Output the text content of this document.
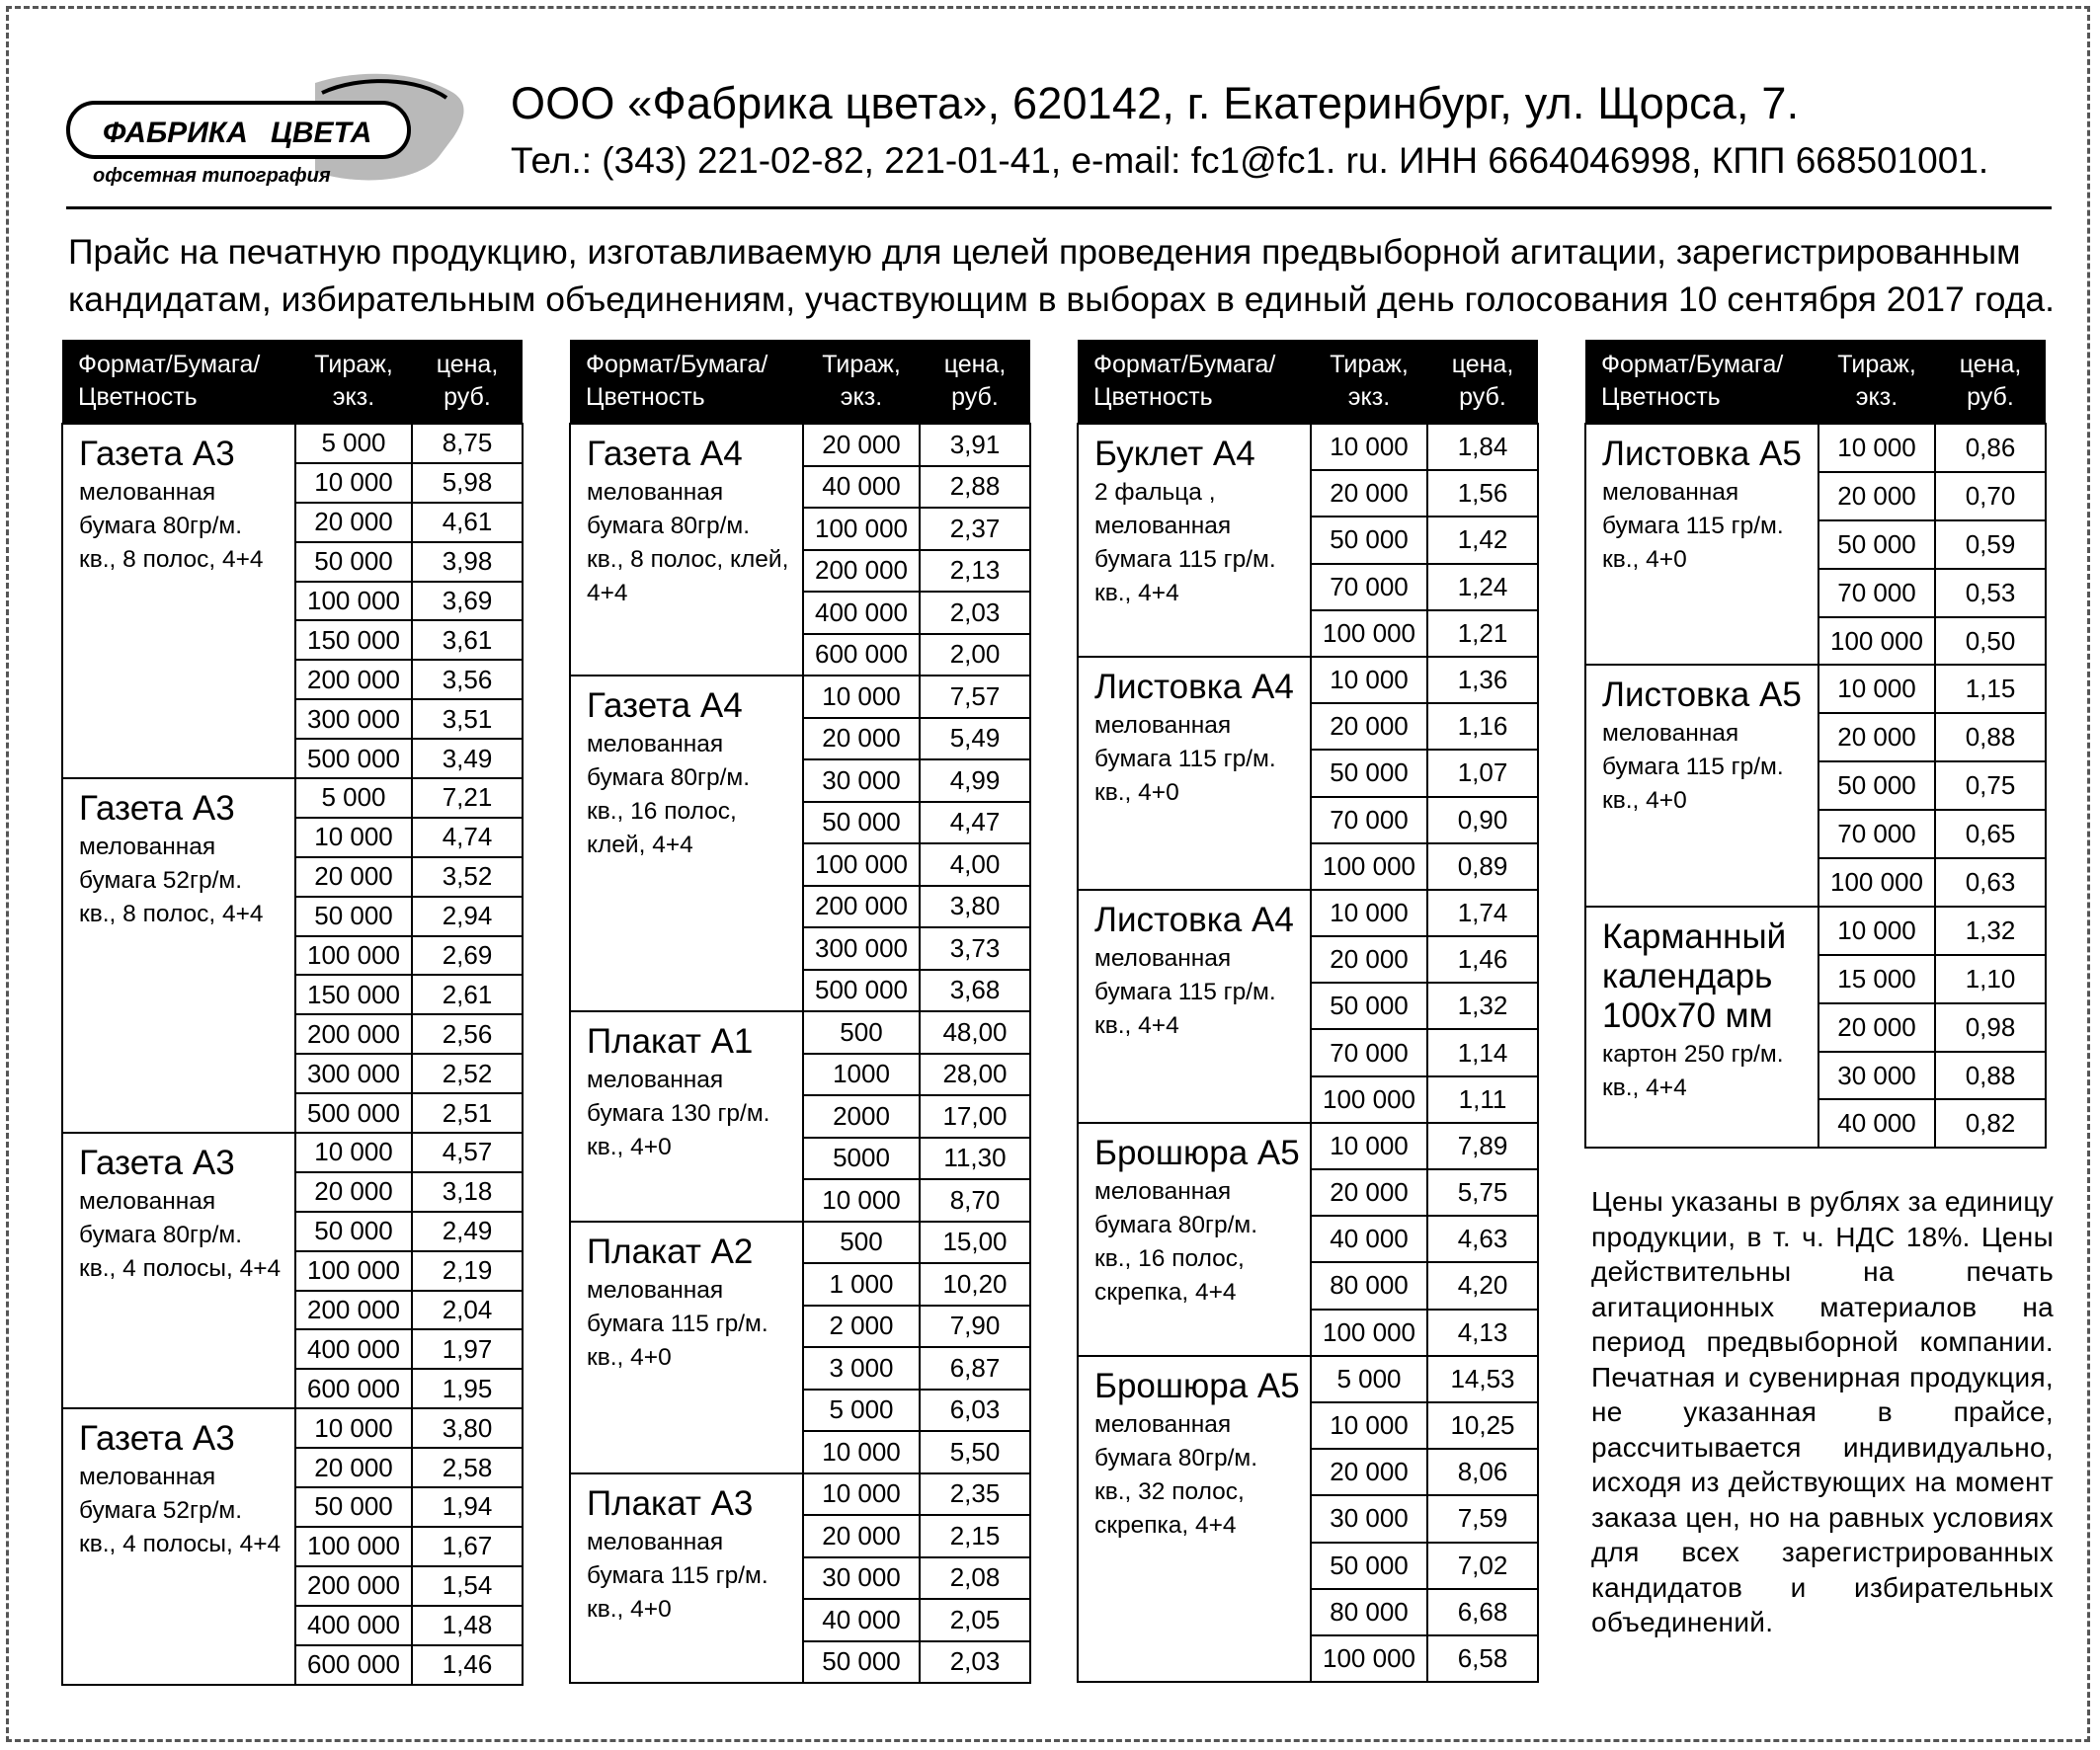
ФАБРИКА ЦВЕТА
офсетная типография
ООО «Фабрика цвета», 620142, г. Екатеринбург, ул. Щорса, 7.
Тел.: (343) 221-02-82, 221-01-41, e-mail: fc1@fc1. ru. ИНН 6664046998, КПП 668501001.
Прайс на печатную продукцию, изготавливаемую для целей проведения предвыборной агитации, зарегистрированным
кандидатам, избирательным объединениям, участвующим в выборах в единый день голосования 10 сентября 2017 года.
Формат/Бумага/ Цветность	Тираж, экз.	цена, руб.

Газета А3
мелованная бумага 80гр/м. кв., 8 полос, 4+4	5 000	8,75
	10 000	5,98
	20 000	4,61
	50 000	3,98
	100 000	3,69
	150 000	3,61
	200 000	3,56
	300 000	3,51
	500 000	3,49

Газета А3
мелованная бумага 52гр/м. кв., 8 полос, 4+4	5 000	7,21
	10 000	4,74
	20 000	3,52
	50 000	2,94
	100 000	2,69
	150 000	2,61
	200 000	2,56
	300 000	2,52
	500 000	2,51

Газета А3
мелованная бумага 80гр/м. кв., 4 полосы, 4+4	10 000	4,57
	20 000	3,18
	50 000	2,49
	100 000	2,19
	200 000	2,04
	400 000	1,97
	600 000	1,95

Газета А3
мелованная бумага 52гр/м. кв., 4 полосы, 4+4	10 000	3,80
	20 000	2,58
	50 000	1,94
	100 000	1,67
	200 000	1,54
	400 000	1,48
	600 000	1,46
Формат/Бумага/ Цветность	Тираж, экз.	цена, руб.

Газета А4
мелованная бумага 80гр/м. кв., 8 полос, клей, 4+4	20 000	3,91
	40 000	2,88
	100 000	2,37
	200 000	2,13
	400 000	2,03
	600 000	2,00

Газета А4
мелованная бумага 80гр/м. кв., 16 полос, клей, 4+4	10 000	7,57
	20 000	5,49
	30 000	4,99
	50 000	4,47
	100 000	4,00
	200 000	3,80
	300 000	3,73
	500 000	3,68

Плакат А1
мелованная бумага 130 гр/м. кв., 4+0	500	48,00
	1000	28,00
	2000	17,00
	5000	11,30
	10 000	8,70

Плакат А2
мелованная бумага 115 гр/м. кв., 4+0	500	15,00
	1 000	10,20
	2 000	7,90
	3 000	6,87
	5 000	6,03
	10 000	5,50

Плакат А3
мелованная бумага 115 гр/м. кв., 4+0	10 000	2,35
	20 000	2,15
	30 000	2,08
	40 000	2,05
	50 000	2,03
Формат/Бумага/ Цветность	Тираж, экз.	цена, руб.

Буклет А4
2 фальца , мелованная бумага 115 гр/м. кв., 4+4	10 000	1,84
	20 000	1,56
	50 000	1,42
	70 000	1,24
	100 000	1,21

Листовка А4
мелованная бумага 115 гр/м. кв., 4+0	10 000	1,36
	20 000	1,16
	50 000	1,07
	70 000	0,90
	100 000	0,89

Листовка А4
мелованная бумага 115 гр/м. кв., 4+4	10 000	1,74
	20 000	1,46
	50 000	1,32
	70 000	1,14
	100 000	1,11

Брошюра А5
мелованная бумага 80гр/м. кв., 16 полос, скрепка, 4+4	10 000	7,89
	20 000	5,75
	40 000	4,63
	80 000	4,20
	100 000	4,13

Брошюра А5
мелованная бумага 80гр/м. кв., 32 полос, скрепка, 4+4	5 000	14,53
	10 000	10,25
	20 000	8,06
	30 000	7,59
	50 000	7,02
	80 000	6,68
	100 000	6,58
Формат/Бумага/ Цветность	Тираж, экз.	цена, руб.

Листовка А5
мелованная бумага 115 гр/м. кв., 4+0	10 000	0,86
	20 000	0,70
	50 000	0,59
	70 000	0,53
	100 000	0,50

Листовка А5
мелованная бумага 115 гр/м. кв., 4+0	10 000	1,15
	20 000	0,88
	50 000	0,75
	70 000	0,65
	100 000	0,63

Карманный календарь 100х70 мм
картон 250 гр/м. кв., 4+4	10 000	1,32
	15 000	1,10
	20 000	0,98
	30 000	0,88
	40 000	0,82
Цены указаны в рублях за единицу продукции, в т. ч. НДС 18%. Цены действительны на печать агитационных материалов на период предвыборной компании. Печатная и сувенирная продукция, не указанная в прайсе, рассчитывается индивидуально, исходя из действующих на момент заказа цен, но на равных условиях для всех зарегистрированных кандидатов и избирательных объединений.
